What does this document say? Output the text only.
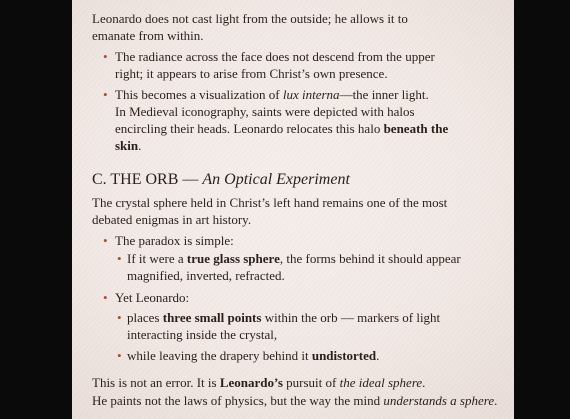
Leonardo does not cast light from the outside; he allows it to
emanate from within.
• The radiance across the face does not descend from the upper
right; it appears to arise from Christ’s own presence.
• This becomes a visualization of lux interna—the inner light.
In Medieval iconography, saints were depicted with halos
encircling their heads. Leonardo relocates this halo beneath the
skin.
C. THE ORB — An Optical Experiment
The crystal sphere held in Christ’s left hand remains one of the most
debated enigmas in art history.
• The paradox is simple:
• If it were a true glass sphere, the forms behind it should appear
magnified, inverted, refracted.
• Yet Leonardo:
• places three small points within the orb — markers of light
interacting inside the crystal,
• while leaving the drapery behind it undistorted.
This is not an error. It is Leonardo’s pursuit of the ideal sphere.
He paints not the laws of physics, but the way the mind understands a sphere.
